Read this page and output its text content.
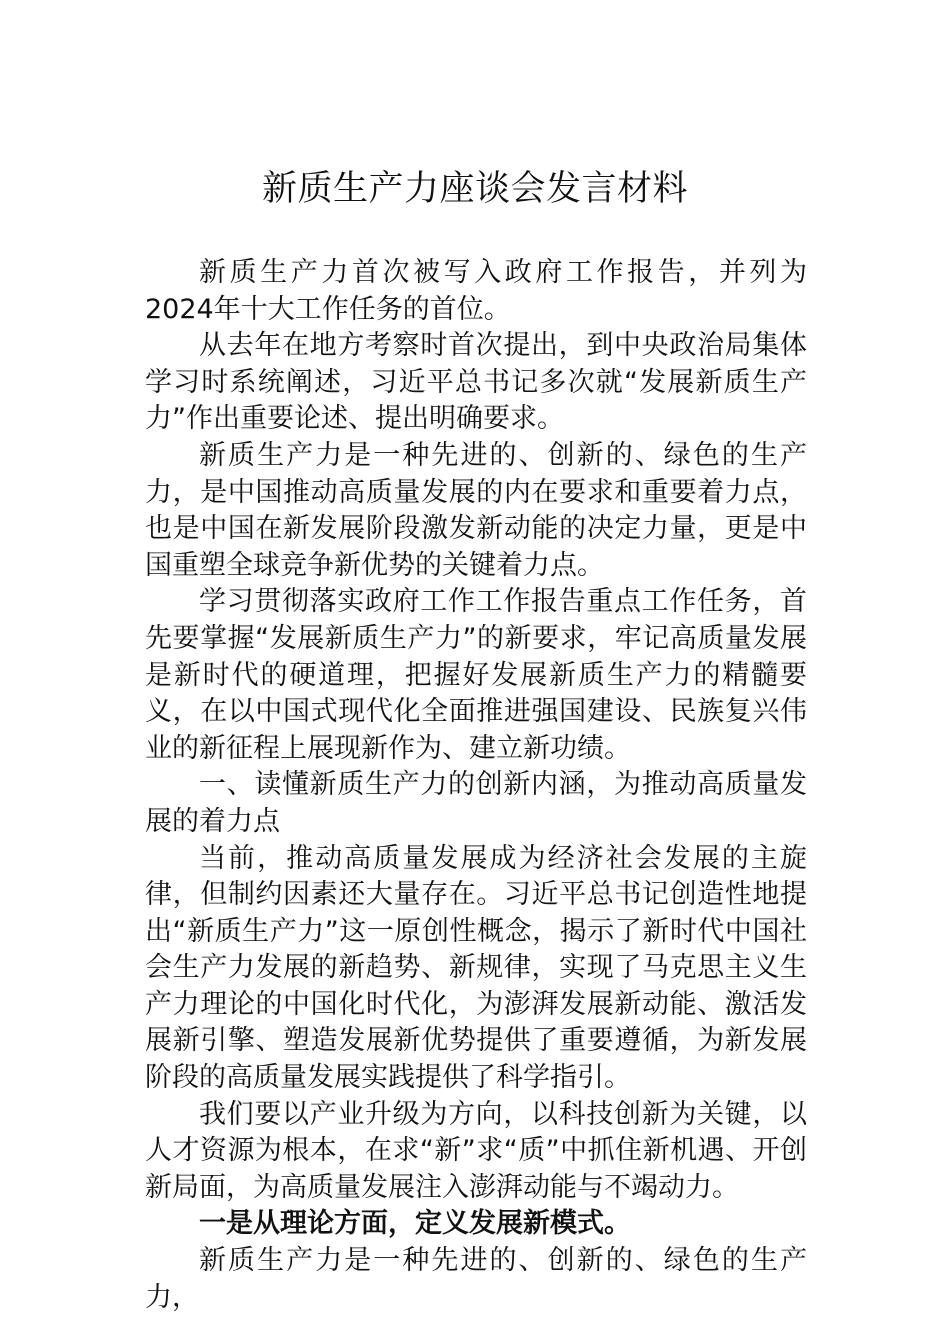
新质生产力座谈会发言材料

新质生产力首次被写入政府工作报告，并列为2024年十大工作任务的首位。

从去年在地方考察时首次提出，到中央政治局集体学习时系统阐述，习近平总书记多次就“发展新质生产力”作出重要论述、提出明确要求。

新质生产力是一种先进的、创新的、绿色的生产力，是中国推动高质量发展的内在要求和重要着力点，也是中国在新发展阶段激发新动能的决定力量，更是中国重塑全球竞争新优势的关键着力点。

学习贯彻落实政府工作工作报告重点工作任务，首先要掌握“发展新质生产力”的新要求，牢记高质量发展是新时代的硬道理，把握好发展新质生产力的精髓要义，在以中国式现代化全面推进强国建设、民族复兴伟业的新征程上展现新作为、建立新功绩。

一、读懂新质生产力的创新内涵，为推动高质量发展的着力点

当前，推动高质量发展成为经济社会发展的主旋律，但制约因素还大量存在。习近平总书记创造性地提出“新质生产力”这一原创性概念，揭示了新时代中国社会生产力发展的新趋势、新规律，实现了马克思主义生产力理论的中国化时代化，为澎湃发展新动能、激活发展新引擎、塑造发展新优势提供了重要遵循，为新发展阶段的高质量发展实践提供了科学指引。

我们要以产业升级为方向，以科技创新为关键，以人才资源为根本，在求“新”求“质”中抓住新机遇、开创新局面，为高质量发展注入澎湃动能与不竭动力。

一是从理论方面，定义发展新模式。

新质生产力是一种先进的、创新的、绿色的生产力，
